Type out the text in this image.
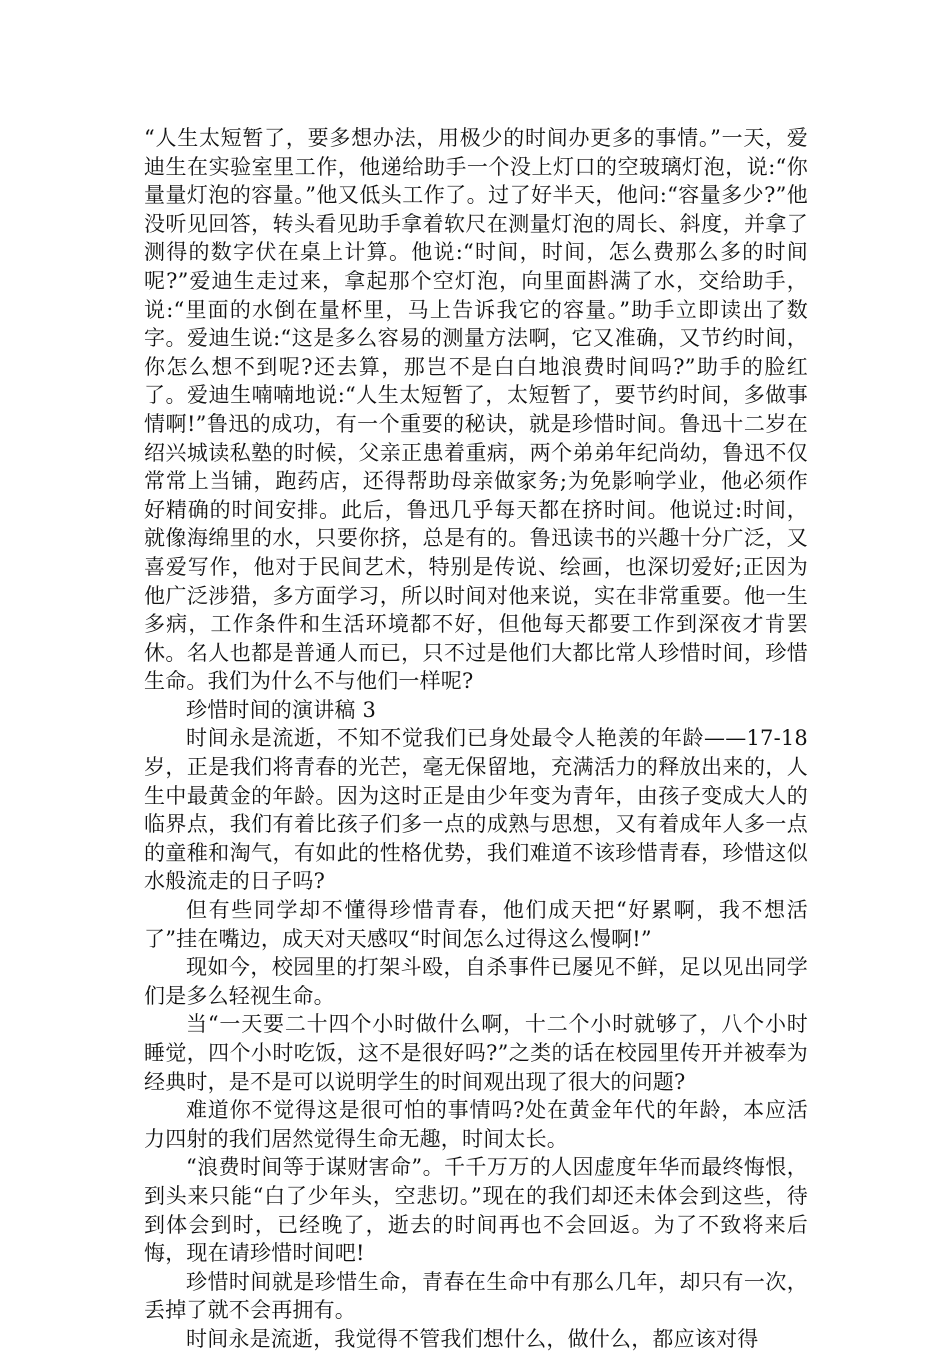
“人生太短暂了，要多想办法，用极少的时间办更多的事情。”一天，爱迪生在实验室里工作，他递给助手一个没上灯口的空玻璃灯泡，说:“你量量灯泡的容量。”他又低头工作了。过了好半天，他问:“容量多少?”他没听见回答，转头看见助手拿着软尺在测量灯泡的周长、斜度，并拿了测得的数字伏在桌上计算。他说:“时间，时间，怎么费那么多的时间呢?”爱迪生走过来，拿起那个空灯泡，向里面斟满了水，交给助手，说:“里面的水倒在量杯里，马上告诉我它的容量。”助手立即读出了数字。爱迪生说:“这是多么容易的测量方法啊，它又准确，又节约时间，你怎么想不到呢?还去算，那岂不是白白地浪费时间吗?”助手的脸红了。爱迪生喃喃地说:“人生太短暂了，太短暂了，要节约时间，多做事情啊!”鲁迅的成功，有一个重要的秘诀，就是珍惜时间。鲁迅十二岁在绍兴城读私塾的时候，父亲正患着重病，两个弟弟年纪尚幼，鲁迅不仅常常上当铺，跑药店，还得帮助母亲做家务;为免影响学业，他必须作好精确的时间安排。此后，鲁迅几乎每天都在挤时间。他说过:时间，就像海绵里的水，只要你挤，总是有的。鲁迅读书的兴趣十分广泛，又喜爱写作，他对于民间艺术，特别是传说、绘画，也深切爱好;正因为他广泛涉猎，多方面学习，所以时间对他来说，实在非常重要。他一生多病，工作条件和生活环境都不好，但他每天都要工作到深夜才肯罢休。名人也都是普通人而已，只不过是他们大都比常人珍惜时间，珍惜生命。我们为什么不与他们一样呢?

珍惜时间的演讲稿 3

时间永是流逝，不知不觉我们已身处最令人艳羡的年龄——17-18 岁，正是我们将青春的光芒，毫无保留地，充满活力的释放出来的，人生中最黄金的年龄。因为这时正是由少年变为青年，由孩子变成大人的临界点，我们有着比孩子们多一点的成熟与思想，又有着成年人多一点的童稚和淘气，有如此的性格优势，我们难道不该珍惜青春，珍惜这似水般流走的日子吗?

但有些同学却不懂得珍惜青春，他们成天把“好累啊，我不想活了”挂在嘴边，成天对天感叹“时间怎么过得这么慢啊!”

现如今，校园里的打架斗殴，自杀事件已屡见不鲜，足以见出同学们是多么轻视生命。

当“一天要二十四个小时做什么啊，十二个小时就够了，八个小时睡觉，四个小时吃饭，这不是很好吗?”之类的话在校园里传开并被奉为经典时，是不是可以说明学生的时间观出现了很大的问题?

难道你不觉得这是很可怕的事情吗?处在黄金年代的年龄，本应活力四射的我们居然觉得生命无趣，时间太长。

“浪费时间等于谋财害命”。千千万万的人因虚度年华而最终悔恨，到头来只能“白了少年头，空悲切。”现在的我们却还未体会到这些，待到体会到时，已经晚了，逝去的时间再也不会回返。为了不致将来后悔，现在请珍惜时间吧!

珍惜时间就是珍惜生命，青春在生命中有那么几年，却只有一次，丢掉了就不会再拥有。

时间永是流逝，我觉得不管我们想什么，做什么，都应该对得
